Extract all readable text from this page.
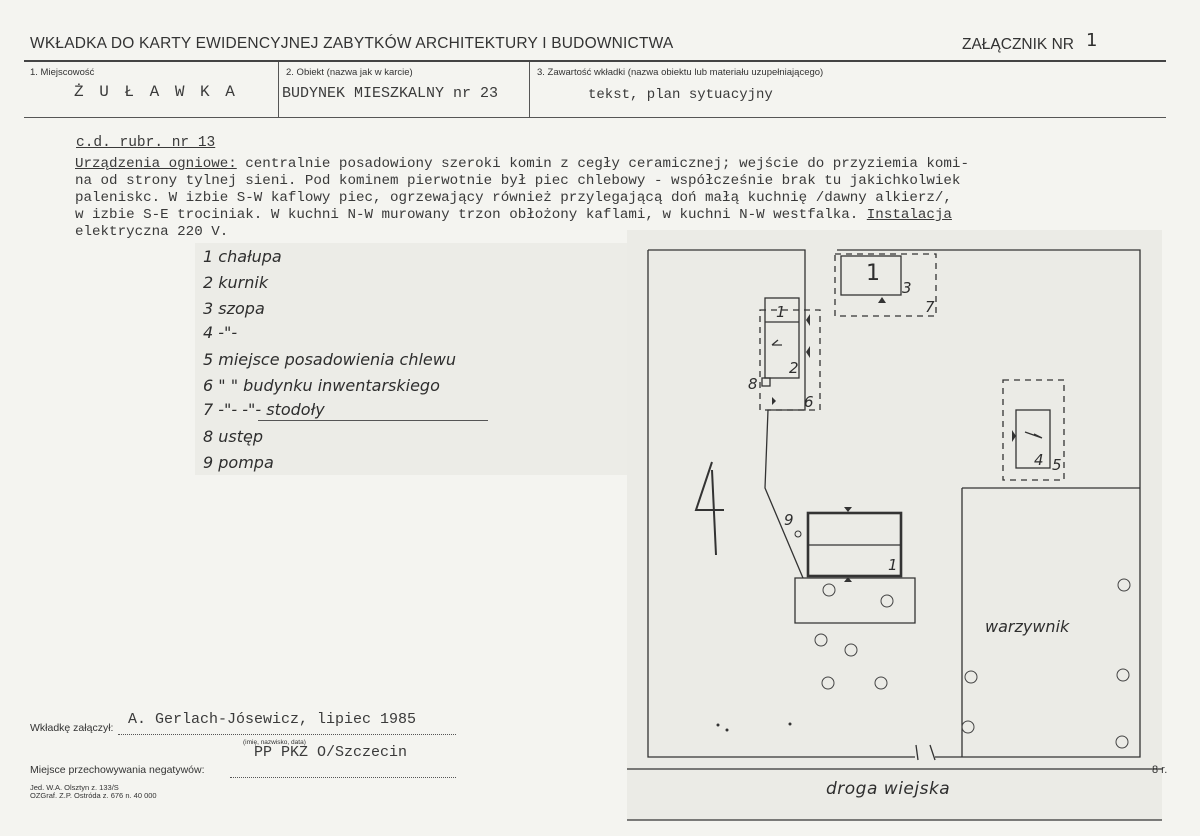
WKŁADKA DO KARTY EWIDENCYJNEJ ZABYTKÓW ARCHITEKTURY I BUDOWNICTWA	ZAŁĄCZNIK NR 1
1. Miejscowość
Ż U Ł A W K A
2. Obiekt (nazwa jak w karcie)
BUDYNEK MIESZKALNY nr 23
3. Zawartość wkładki (nazwa obiektu lub materiału uzupełniającego)
tekst, plan sytuacyjny
c.d. rubr. nr 13
Urządzenia ogniowe: centralnie posadowiony szeroki komin z cegły ceramicznej; wejście do przyziemia komi-
na od strony tylnej sieni. Pod kominem pierwotnie był piec chlebowy - współcześnie brak tu jakichkolwiek
paleniskc. W izbie S-W kaflowy piec, ogrzewający również przylegającą doń małą kuchnię /dawny alkierz/,
w izbie S-E trociniak. W kuchni N-W murowany trzon obłożony kaflami, w kuchni N-W westfalka. Instalacja
elektryczna 220 V.
1 chałupa
2 kurnik
3 szopa
4 -"-
5 miejsce posadowienia chlewu
6 " " budynku inwentarskiego
7 -"- -"- stodoły
8 ustęp
9 pompa
1
3
7
1
2
8
6
4 5
9
1
warzywnik
droga wiejska
8 r.
Wkładkę załączył: A. Gerlach-Jósewicz, lipiec 1985
(imię, nazwisko, data)
Miejsce przechowywania negatywów:
PP PKZ O/Szczecin
Jed. W.A. Olsztyn z. 133/S
OZGraf. Z.P. Ostróda z. 676 n. 40 000
